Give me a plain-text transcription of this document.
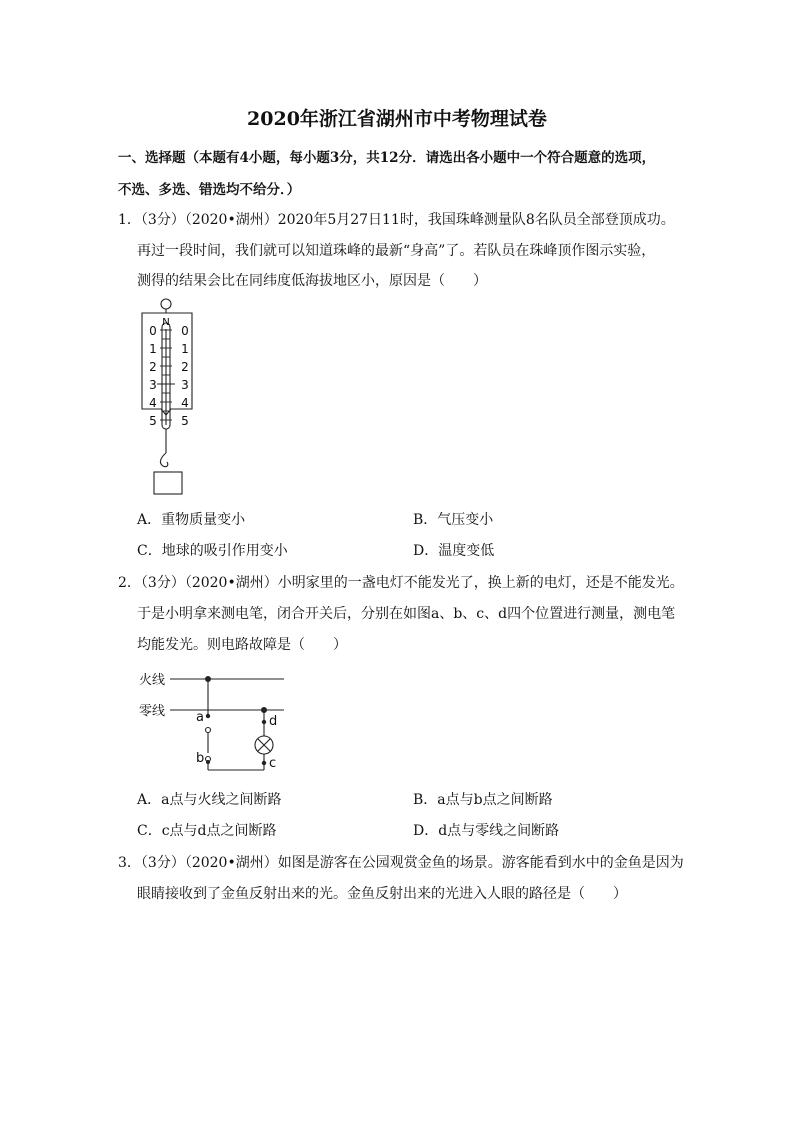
2020年浙江省湖州市中考物理试卷
一、选择题（本题有4小题，每小题3分，共12分．请选出各小题中一个符合题意的选项，
不选、多选、错选均不给分．）
1．（3分）（2020•湖州）2020年5月27日11时，我国珠峰测量队8名队员全部登顶成功。
再过一段时间，我们就可以知道珠峰的最新“身高”了。若队员在珠峰顶作图示实验，
测得的结果会比在同纬度低海拔地区小，原因是（　　）
N
0
1
2
3
4
5
0
1
2
3
4
5
A．重物质量变小	B．气压变小
C．地球的吸引作用变小	D．温度变低
2．（3分）（2020•湖州）小明家里的一盏电灯不能发光了，换上新的电灯，还是不能发光。
于是小明拿来测电笔，闭合开关后，分别在如图a、b、c、d四个位置进行测量，测电笔
均能发光。则电路故障是（　　）
火线
零线 a
b	c
d
A．a点与火线之间断路	B．a点与b点之间断路
C．c点与d点之间断路	D．d点与零线之间断路
3．（3分）（2020•湖州）如图是游客在公园观赏金鱼的场景。游客能看到水中的金鱼是因为
眼睛接收到了金鱼反射出来的光。金鱼反射出来的光进入人眼的路径是（　　）
